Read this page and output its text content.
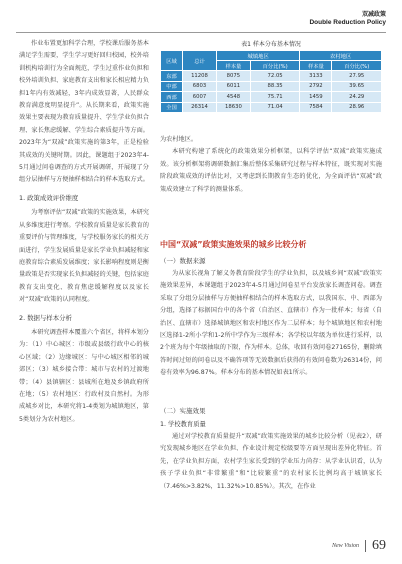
双减政策
Double Reduction Policy

作业布置更加科学合理，学校课后服务基本满足学生需要，学生学习更好回归校园，校外培训机构培训行为全面规范，学生过重作业负担和校外培训负担、家庭教育支出和家长相应精力负担1年内有效减轻，3年内成效显著，人民群众教育满意度明显提升”。从长期来看，政策实施效果主要表现为教育质量提升、学生学业负担合理、家长焦虑缓解、学生综合素质提升等方面。2023年为“双减”政策实施的第3年，正是检验其成效的关键时期。因此，课题组于2023年4-5月通过问卷调查的方式开展调研，开展现了分组分层抽样与方便抽样相结合的样本选取方式。

1. 政策成效评价维度

为考察评估“双减”政策的实施效果，本研究从多维度进行考察。学校教育质量是家长教育的重要评价与管理维度，与学校服务家长的相关方面进行，学生发展质量是家长学业负担减轻和家庭教育综合素质发展维度；家长影响程度则是衡量政策是否实现家长负担减轻的关键，包括家庭教育支出变化、教育焦虑缓解程度以及家长对“双减”政策的认同程度。

2. 数据与样本分析

本研究调查样本覆盖六个省区，将样本划分为：（1）中心城区：市级或县级行政中心的核心区域；（2）边缘城区：与中心城区相邻的城郊区；（3）城乡接合带：城市与农村的过渡地带；（4）县镇辖区：县城所在地及乡镇政府所在地；（5）农村地区：行政村及自然村。为形成城乡对比，本研究将1-4类划为城镇地区，第5类划分为农村地区。

表1 样本分布基本情况
区域	总计	城镇地区		农村地区	
		样本量	百分比(%)	样本量	百分比(%)
东部	11208	8075	72.05	3133	27.95
中部	6803	6011	88.35	2792	39.65
西部	6007	4548	75.71	1459	24.29
全国	26314	18630	71.04	7584	28.96

为农村地区。

本研究构建了系统化的政策效果分析框架，以科学评估“双减”政策实施成效。该分析框架将调研数据汇集后整体采集研究过程与样本特征，既实现对实施阶段政策成效的评估比对，又考虑到长期教育生态的优化，为全面评估“双减”政策成效建立了科学的测量体系。

中国“双减”政策实施效果的城乡比较分析
（一）数据来源

为从家长视角了解义务教育阶段学生的学业负担，以及城乡间“双减”政策实施效果差异，本课题组于2023年4-5月通过问卷星平台发放家长调查问卷。调查采取了分组分层抽样与方便抽样相结合的样本选取方式，以我国东、中、西部为分组，选择了标据国台中的各个省（自治区、直辖市）作为一批样本；每省（自治区、直辖市）选择城镇地区和农村地区作为二层样本；每个城镇地区和农村地区选择1-2所小学和1-2所中学作为三级样本；各学校以年级为单位进行采样，以2个班为每个年级抽取的下限，作为样本。总体，收回有效问卷27165份，删除填答时间过短的问卷以及不确答项等无效数据后获得的有效问卷数为26314份，问卷有效率为96.87%。样本分布的基本情况如表1所示。

（二）实施效果
1. 学校教育质量

通过对学校教育质量提升“双减”政策实施效果的城乡比较分析（见表2），研究发现城乡地区在学业负担、作业设计规定校级要等方面呈现出差异化特征。首先，在学业负担方面，农村学生家长受到的学业压力尚存：从学业认识看，认为孩子学业负担“非常繁重”和“比较繁重”的农村家长比例均高于城镇家长（7.46%>3.82%，11.32%>10.85%）。其次，在作业

New Vision 69
